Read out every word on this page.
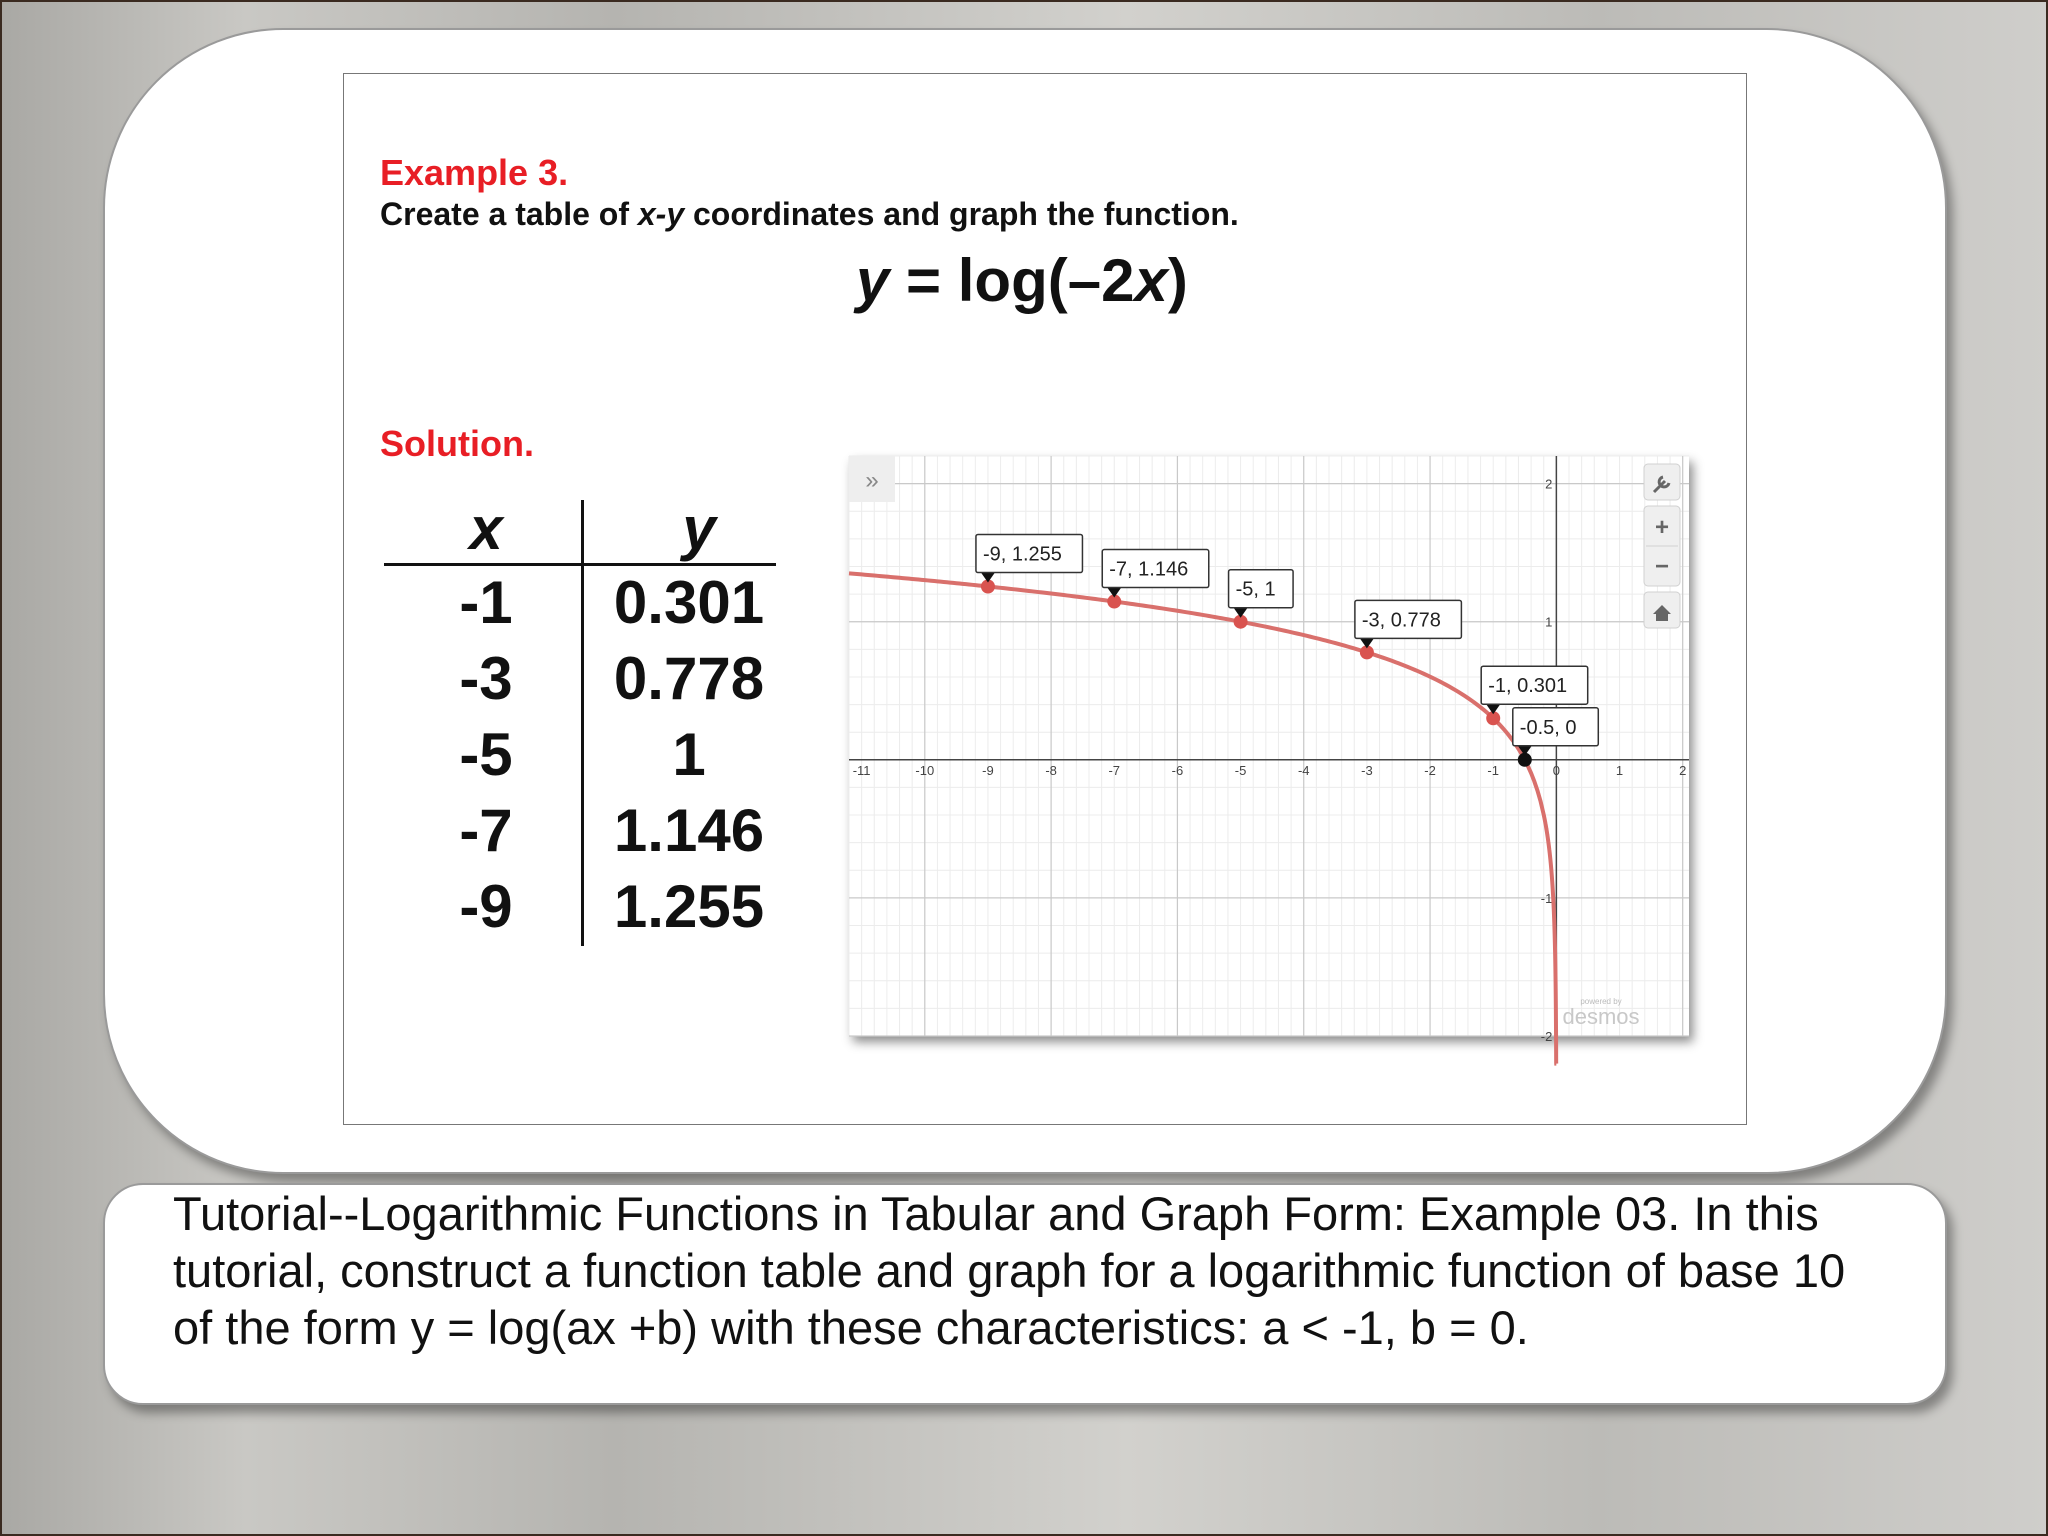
Example 3.
Create a table of x-y coordinates and graph the function.
y = log(–2x)
Solution.
x	y
-1	0.301
-3	0.778
-5	1
-7	1.146
-9	1.255
-11	-10	-9	-8	-7	-6	-5	-4	-3	-2	-1	0	1	2
2
1
-1
-2
-9, 1.255
-7, 1.146
-5, 1
-3, 0.778
-1, 0.301
-0.5, 0
»
+
−
powered by
desmos
Tutorial--Logarithmic Functions in Tabular and Graph Form: Example 03. In this tutorial, construct a function table and graph for a logarithmic function of base 10 of the form y = log(ax +b) with these characteristics: a < -1, b = 0.
